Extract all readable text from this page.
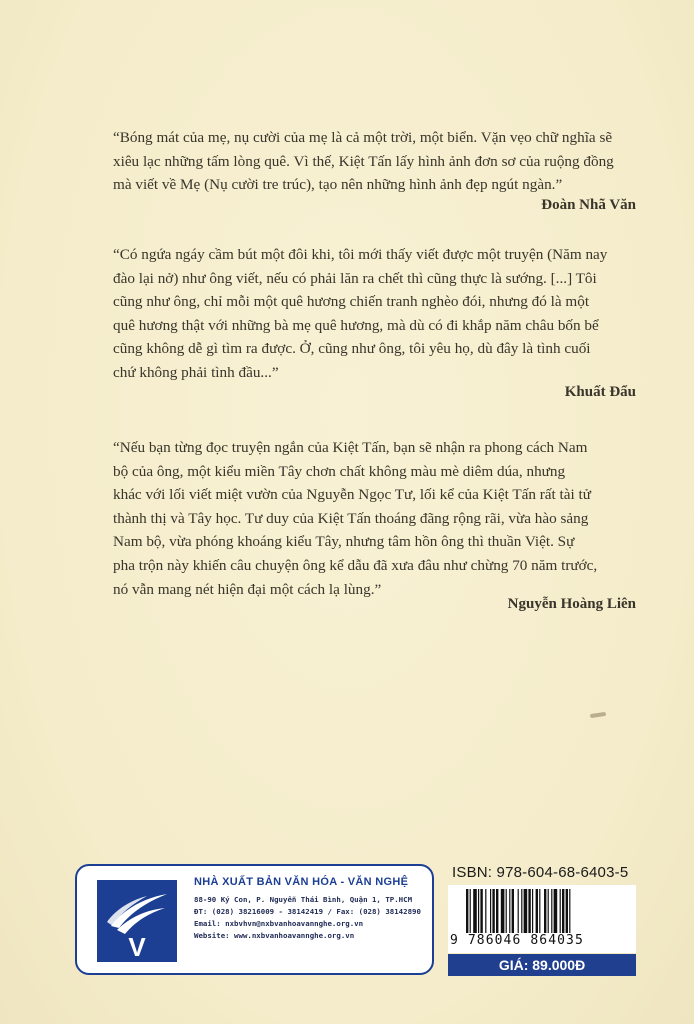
“Bóng mát của mẹ, nụ cười của mẹ là cả một trời, một biển. Vặn vẹo chữ nghĩa sẽ

xiêu lạc những tấm lòng quê. Vì thế, Kiệt Tấn lấy hình ảnh đơn sơ của ruộng đồng

mà viết về Mẹ (Nụ cười tre trúc), tạo nên những hình ảnh đẹp ngút ngàn.”

Đoàn Nhã Văn

“Có ngứa ngáy cầm bút một đôi khi, tôi mới thấy viết được một truyện (Năm nay

đào lại nở) như ông viết, nếu có phải lăn ra chết thì cũng thực là sướng. [...] Tôi

cũng như ông, chỉ mỗi một quê hương chiến tranh nghèo đói, nhưng đó là một

quê hương thật với những bà mẹ quê hương, mà dù có đi khắp năm châu bốn bể

cũng không dễ gì tìm ra được. Ở, cũng như ông, tôi yêu họ, dù đây là tình cuối

chứ không phải tình đầu...”

Khuất Đẩu

“Nếu bạn từng đọc truyện ngắn của Kiệt Tấn, bạn sẽ nhận ra phong cách Nam

bộ của ông, một kiểu miền Tây chơn chất không màu mè diêm dúa, nhưng

khác với lối viết miệt vườn của Nguyễn Ngọc Tư, lối kể của Kiệt Tấn rất tài tử

thành thị và Tây học. Tư duy của Kiệt Tấn thoáng đãng rộng rãi, vừa hào sảng

Nam bộ, vừa phóng khoáng kiểu Tây, nhưng tâm hồn ông thì thuần Việt. Sự

pha trộn này khiến câu chuyện ông kể dẫu đã xưa đâu như chừng 70 năm trước,

nó vẫn mang nét hiện đại một cách lạ lùng.”

Nguyễn Hoàng Liên
V
NHÀ XUẤT BẢN VĂN HÓA - VĂN NGHỆ
88-90 Ký Con, P. Nguyễn Thái Bình, Quận 1, TP.HCM
ĐT: (028) 38216009 - 38142419 / Fax: (028) 38142890
Email: nxbvhvn@nxbvanhoavannghe.org.vn
Website: www.nxbvanhoavannghe.org.vn
ISBN: 978-604-68-6403-5
9 786046 864035
GIÁ: 89.000Đ
